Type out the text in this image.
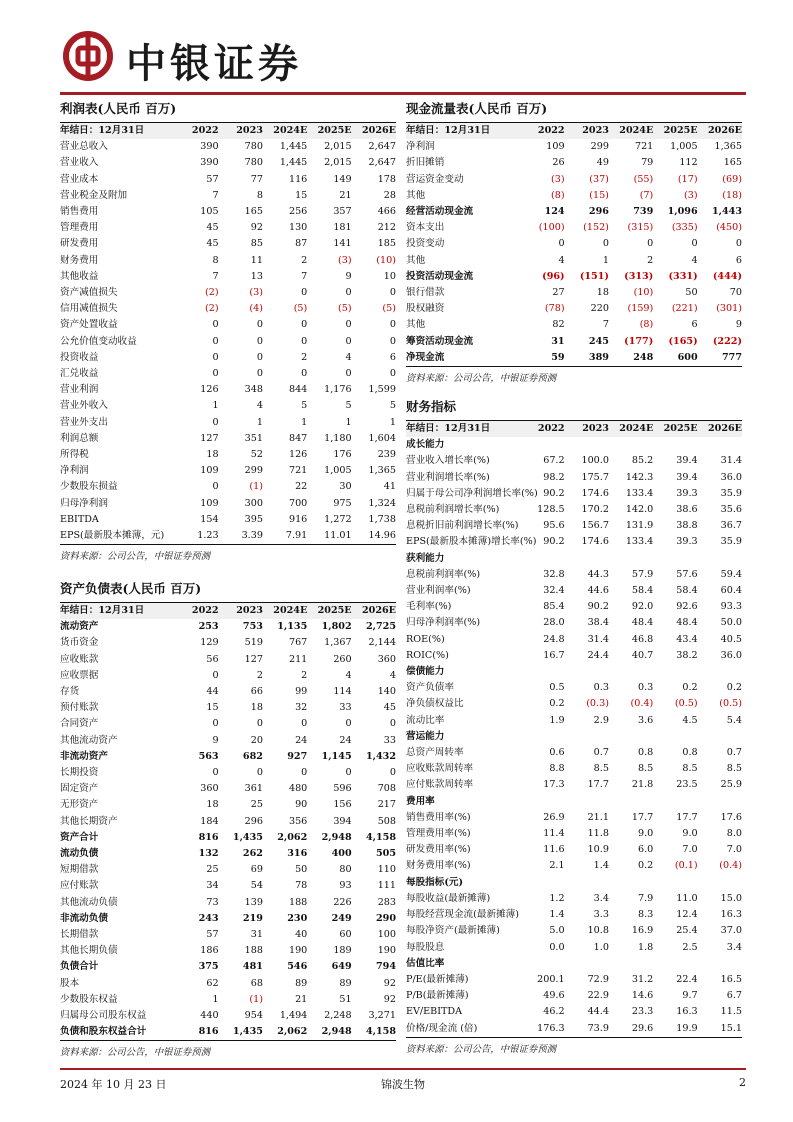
中银证券
利润表(人民币 百万)
年结日：12月31日	2022	2023	2024E	2025E	2026E
营业总收入	390	780	1,445	2,015	2,647
营业收入	390	780	1,445	2,015	2,647
营业成本	57	77	116	149	178
营业税金及附加	7	8	15	21	28
销售费用	105	165	256	357	466
管理费用	45	92	130	181	212
研发费用	45	85	87	141	185
财务费用	8	11	2	(3)	(10)
其他收益	7	13	7	9	10
资产减值损失	(2)	(3)	0	0	0
信用减值损失	(2)	(4)	(5)	(5)	(5)
资产处置收益	0	0	0	0	0
公允价值变动收益	0	0	0	0	0
投资收益	0	0	2	4	6
汇兑收益	0	0	0	0	0
营业利润	126	348	844	1,176	1,599
营业外收入	1	4	5	5	5
营业外支出	0	1	1	1	1
利润总额	127	351	847	1,180	1,604
所得税	18	52	126	176	239
净利润	109	299	721	1,005	1,365
少数股东损益	0	(1)	22	30	41
归母净利润	109	300	700	975	1,324
EBITDA	154	395	916	1,272	1,738
EPS(最新股本摊薄，元)	1.23	3.39	7.91	11.01	14.96
资料来源：公司公告，中银证券预测
资产负债表(人民币 百万)
年结日：12月31日	2022	2023	2024E	2025E	2026E
流动资产	253	753	1,135	1,802	2,725
货币资金	129	519	767	1,367	2,144
应收账款	56	127	211	260	360
应收票据	0	2	2	4	4
存货	44	66	99	114	140
预付账款	15	18	32	33	45
合同资产	0	0	0	0	0
其他流动资产	9	20	24	24	33
非流动资产	563	682	927	1,145	1,432
长期投资	0	0	0	0	0
固定资产	360	361	480	596	708
无形资产	18	25	90	156	217
其他长期资产	184	296	356	394	508
资产合计	816	1,435	2,062	2,948	4,158
流动负债	132	262	316	400	505
短期借款	25	69	50	80	110
应付账款	34	54	78	93	111
其他流动负债	73	139	188	226	283
非流动负债	243	219	230	249	290
长期借款	57	31	40	60	100
其他长期负债	186	188	190	189	190
负债合计	375	481	546	649	794
股本	62	68	89	89	92
少数股东权益	1	(1)	21	51	92
归属母公司股东权益	440	954	1,494	2,248	3,271
负债和股东权益合计	816	1,435	2,062	2,948	4,158
资料来源：公司公告，中银证券预测
现金流量表(人民币 百万)
年结日：12月31日	2022	2023	2024E	2025E	2026E
净利润	109	299	721	1,005	1,365
折旧摊销	26	49	79	112	165
营运资金变动	(3)	(37)	(55)	(17)	(69)
其他	(8)	(15)	(7)	(3)	(18)
经营活动现金流	124	296	739	1,096	1,443
资本支出	(100)	(152)	(315)	(335)	(450)
投资变动	0	0	0	0	0
其他	4	1	2	4	6
投资活动现金流	(96)	(151)	(313)	(331)	(444)
银行借款	27	18	(10)	50	70
股权融资	(78)	220	(159)	(221)	(301)
其他	82	7	(8)	6	9
筹资活动现金流	31	245	(177)	(165)	(222)
净现金流	59	389	248	600	777
资料来源：公司公告，中银证券预测
财务指标
年结日：12月31日	2022	2023	2024E	2025E	2026E
成长能力					
营业收入增长率(%)	67.2	100.0	85.2	39.4	31.4
营业利润增长率(%)	98.2	175.7	142.3	39.4	36.0
归属于母公司净利润增长率(%)	90.2	174.6	133.4	39.3	35.9
息税前利润增长率(%)	128.5	170.2	142.0	38.6	35.6
息税折旧前利润增长率(%)	95.6	156.7	131.9	38.8	36.7
EPS(最新股本摊薄)增长率(%)	90.2	174.6	133.4	39.3	35.9
获利能力					
息税前利润率(%)	32.8	44.3	57.9	57.6	59.4
营业利润率(%)	32.4	44.6	58.4	58.4	60.4
毛利率(%)	85.4	90.2	92.0	92.6	93.3
归母净利润率(%)	28.0	38.4	48.4	48.4	50.0
ROE(%)	24.8	31.4	46.8	43.4	40.5
ROIC(%)	16.7	24.4	40.7	38.2	36.0
偿债能力					
资产负债率	0.5	0.3	0.3	0.2	0.2
净负债权益比	0.2	(0.3)	(0.4)	(0.5)	(0.5)
流动比率	1.9	2.9	3.6	4.5	5.4
营运能力					
总资产周转率	0.6	0.7	0.8	0.8	0.7
应收账款周转率	8.8	8.5	8.5	8.5	8.5
应付账款周转率	17.3	17.7	21.8	23.5	25.9
费用率					
销售费用率(%)	26.9	21.1	17.7	17.7	17.6
管理费用率(%)	11.4	11.8	9.0	9.0	8.0
研发费用率(%)	11.6	10.9	6.0	7.0	7.0
财务费用率(%)	2.1	1.4	0.2	(0.1)	(0.4)
每股指标(元)					
每股收益(最新摊薄)	1.2	3.4	7.9	11.0	15.0
每股经营现金流(最新摊薄)	1.4	3.3	8.3	12.4	16.3
每股净资产(最新摊薄)	5.0	10.8	16.9	25.4	37.0
每股股息	0.0	1.0	1.8	2.5	3.4
估值比率					
P/E(最新摊薄)	200.1	72.9	31.2	22.4	16.5
P/B(最新摊薄)	49.6	22.9	14.6	9.7	6.7
EV/EBITDA	46.2	44.4	23.3	16.3	11.5
价格/现金流 (倍)	176.3	73.9	29.6	19.9	15.1
资料来源：公司公告，中银证券预测
2024 年 10 月 23 日	锦波生物	2
